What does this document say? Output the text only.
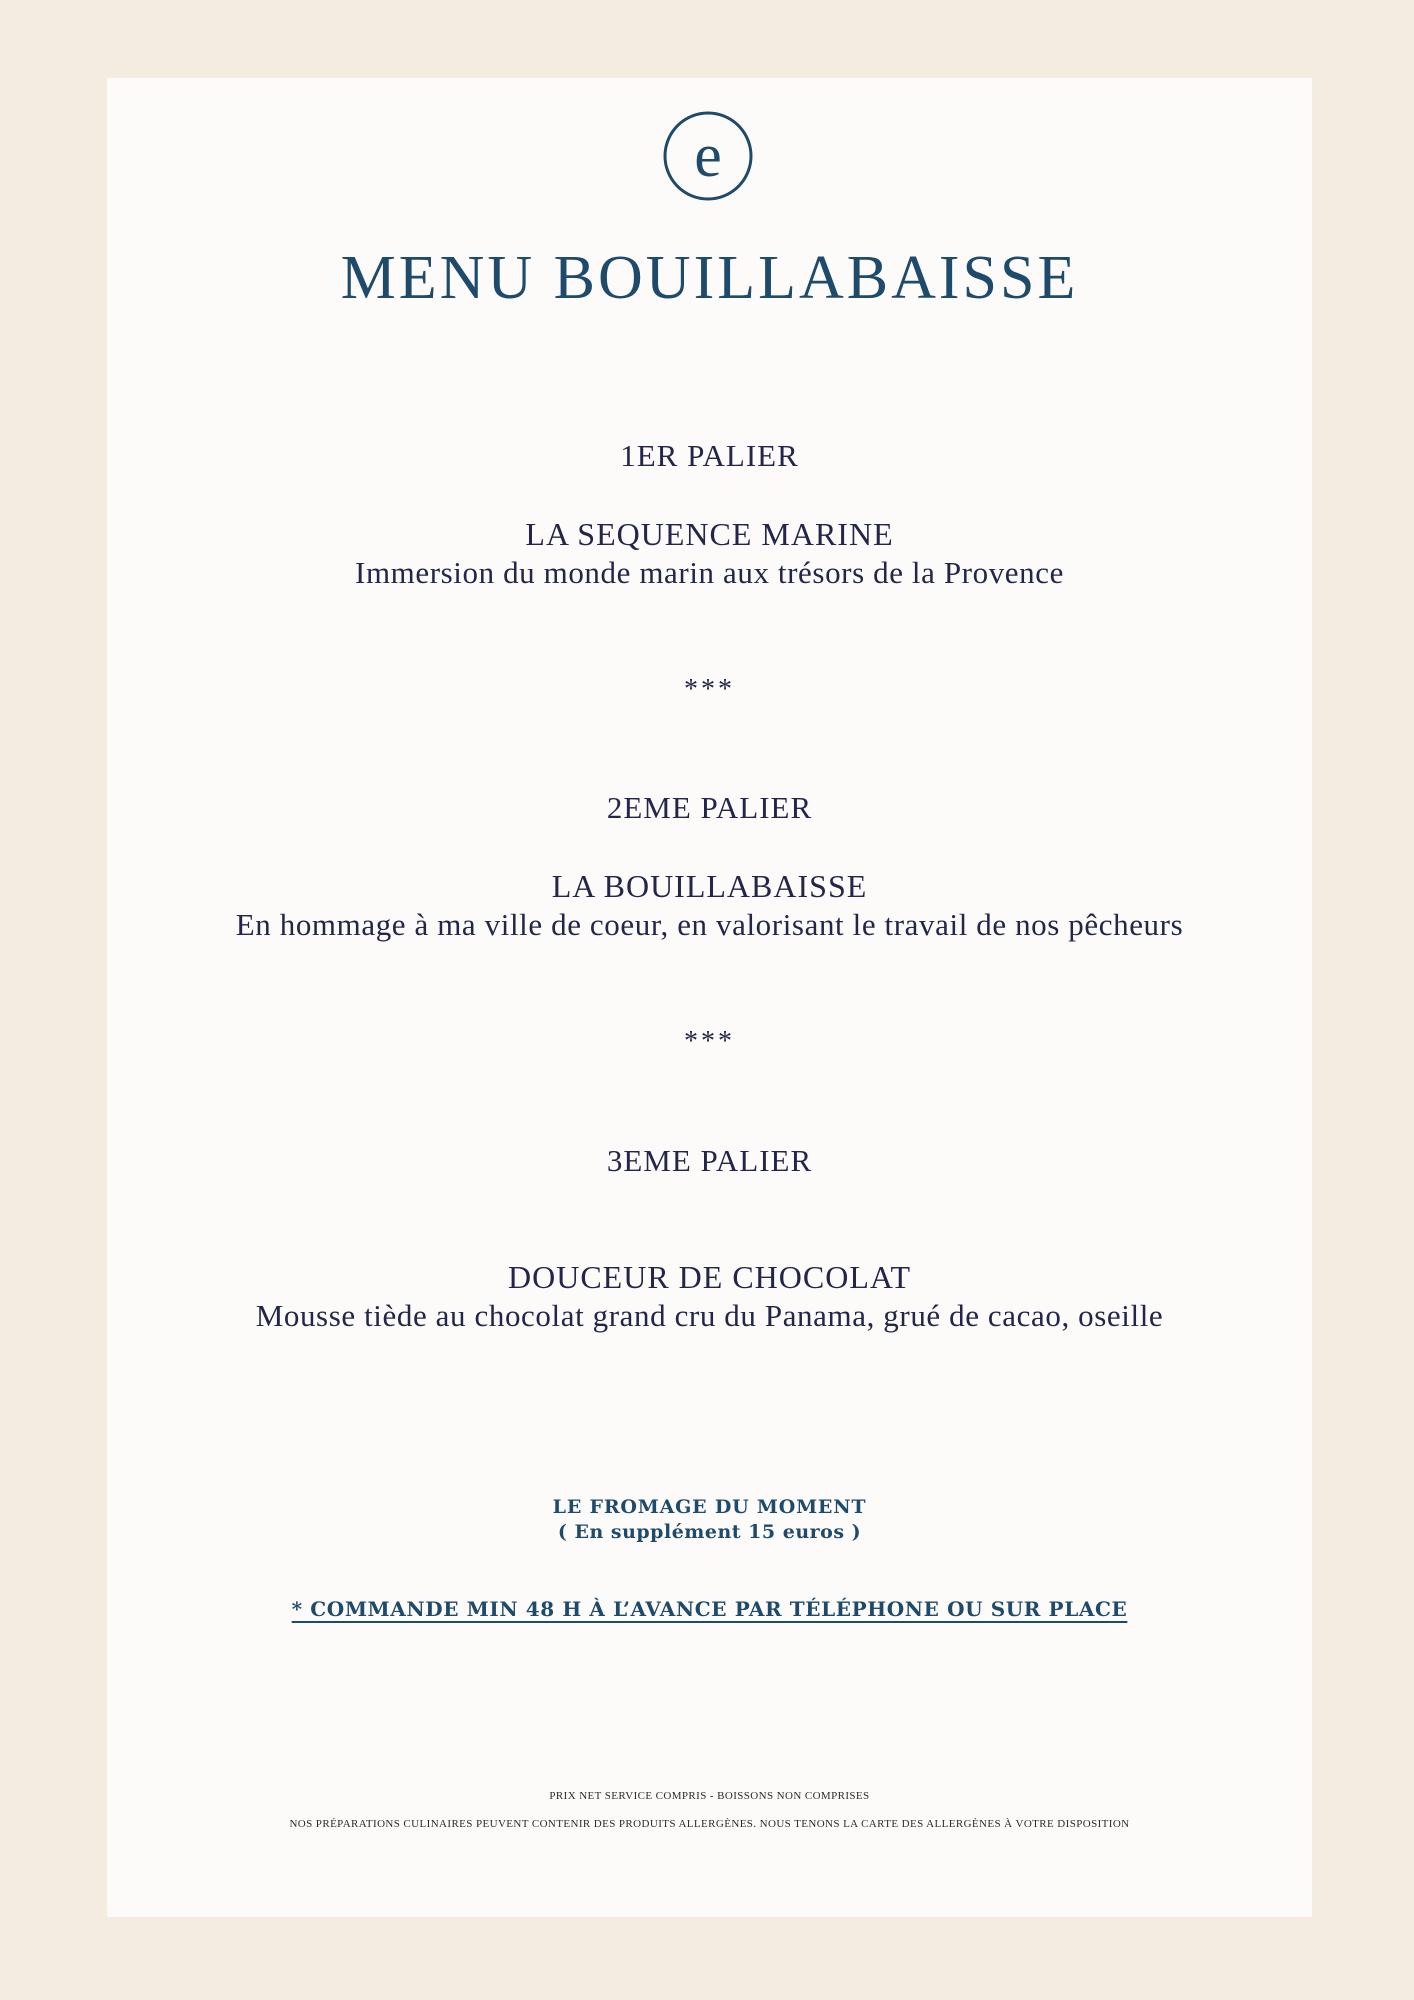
e
MENU BOUILLABAISSE
1ER PALIER
LA SEQUENCE MARINE
Immersion du monde marin aux trésors de la Provence
***
2EME PALIER
LA BOUILLABAISSE
En hommage à ma ville de coeur, en valorisant le travail de nos pêcheurs
***
3EME PALIER
DOUCEUR DE CHOCOLAT
Mousse tiède au chocolat grand cru du Panama, grué de cacao, oseille
LE FROMAGE DU MOMENT
( En supplément 15 euros )
* COMMANDE MIN 48 H À L’AVANCE PAR TÉLÉPHONE OU SUR PLACE
PRIX NET SERVICE COMPRIS - BOISSONS NON COMPRISES
NOS PRÉPARATIONS CULINAIRES PEUVENT CONTENIR DES PRODUITS ALLERGÈNES. NOUS TENONS LA CARTE DES ALLERGÈNES À VOTRE DISPOSITION
